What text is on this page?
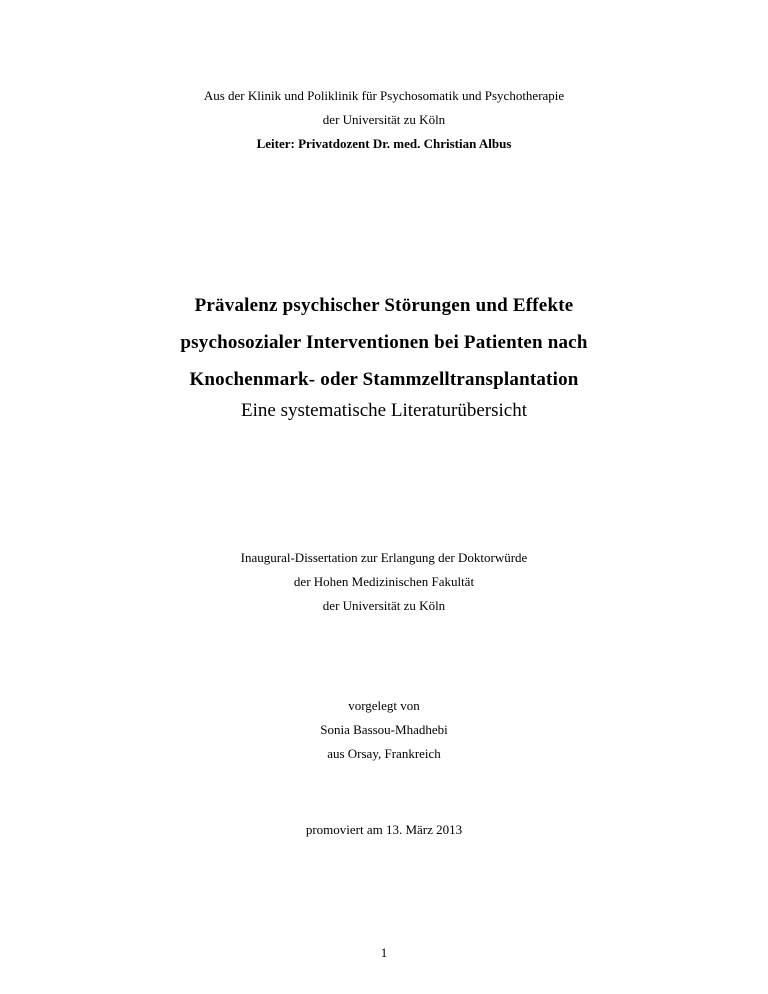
Aus der Klinik und Poliklinik für Psychosomatik und Psychotherapie
der Universität zu Köln
Leiter: Privatdozent Dr. med. Christian Albus
Prävalenz psychischer Störungen und Effekte
psychosozialer Interventionen bei Patienten nach
Knochenmark- oder Stammzelltransplantation
Eine systematische Literaturübersicht
Inaugural-Dissertation zur Erlangung der Doktorwürde
der Hohen Medizinischen Fakultät
der Universität zu Köln
vorgelegt von
Sonia Bassou-Mhadhebi
aus Orsay, Frankreich
promoviert am 13. März 2013
1
